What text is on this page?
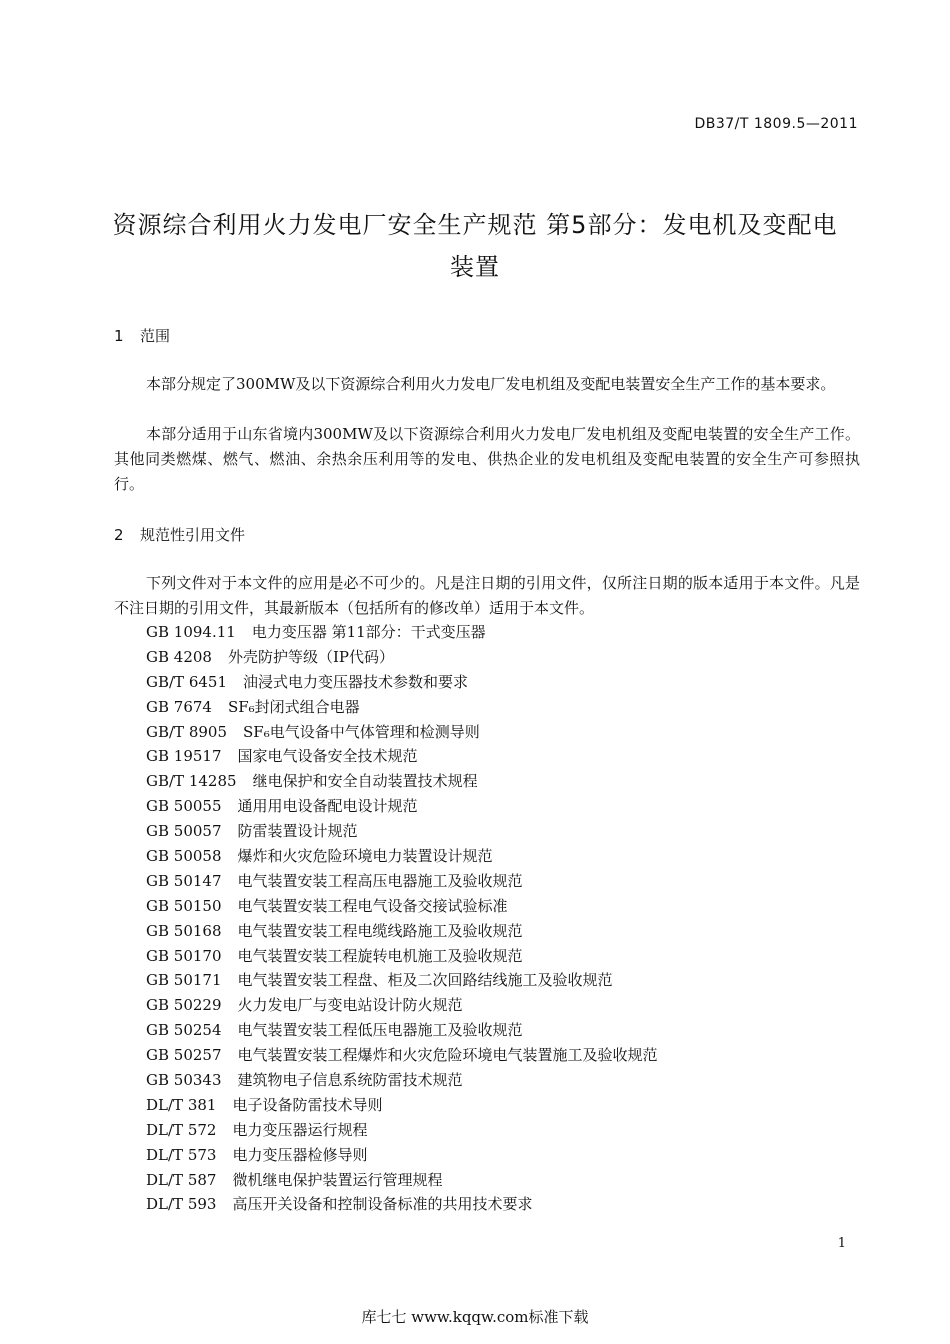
DB37/T 1809.5—2011
资源综合利用火力发电厂安全生产规范 第5部分：发电机及变配电
装置
1 范围

本部分规定了300MW及以下资源综合利用火力发电厂发电机组及变配电装置安全生产工作的基本要求。

本部分适用于山东省境内300MW及以下资源综合利用火力发电厂发电机组及变配电装置的安全生产工作。其他同类燃煤、燃气、燃油、余热余压利用等的发电、供热企业的发电机组及变配电装置的安全生产可参照执行。

2 规范性引用文件

下列文件对于本文件的应用是必不可少的。凡是注日期的引用文件，仅所注日期的版本适用于本文件。凡是不注日期的引用文件，其最新版本（包括所有的修改单）适用于本文件。

GB 1094.11 电力变压器 第11部分：干式变压器
GB 4208 外壳防护等级（IP代码）
GB/T 6451 油浸式电力变压器技术参数和要求
GB 7674 SF₆封闭式组合电器
GB/T 8905 SF₆电气设备中气体管理和检测导则
GB 19517 国家电气设备安全技术规范
GB/T 14285 继电保护和安全自动装置技术规程
GB 50055 通用用电设备配电设计规范
GB 50057 防雷装置设计规范
GB 50058 爆炸和火灾危险环境电力装置设计规范
GB 50147 电气装置安装工程高压电器施工及验收规范
GB 50150 电气装置安装工程电气设备交接试验标准
GB 50168 电气装置安装工程电缆线路施工及验收规范
GB 50170 电气装置安装工程旋转电机施工及验收规范
GB 50171 电气装置安装工程盘、柜及二次回路结线施工及验收规范
GB 50229 火力发电厂与变电站设计防火规范
GB 50254 电气装置安装工程低压电器施工及验收规范
GB 50257 电气装置安装工程爆炸和火灾危险环境电气装置施工及验收规范
GB 50343 建筑物电子信息系统防雷技术规范
DL/T 381 电子设备防雷技术导则
DL/T 572 电力变压器运行规程
DL/T 573 电力变压器检修导则
DL/T 587 微机继电保护装置运行管理规程
DL/T 593 高压开关设备和控制设备标准的共用技术要求
1
库七七 www.kqqw.com标准下载
